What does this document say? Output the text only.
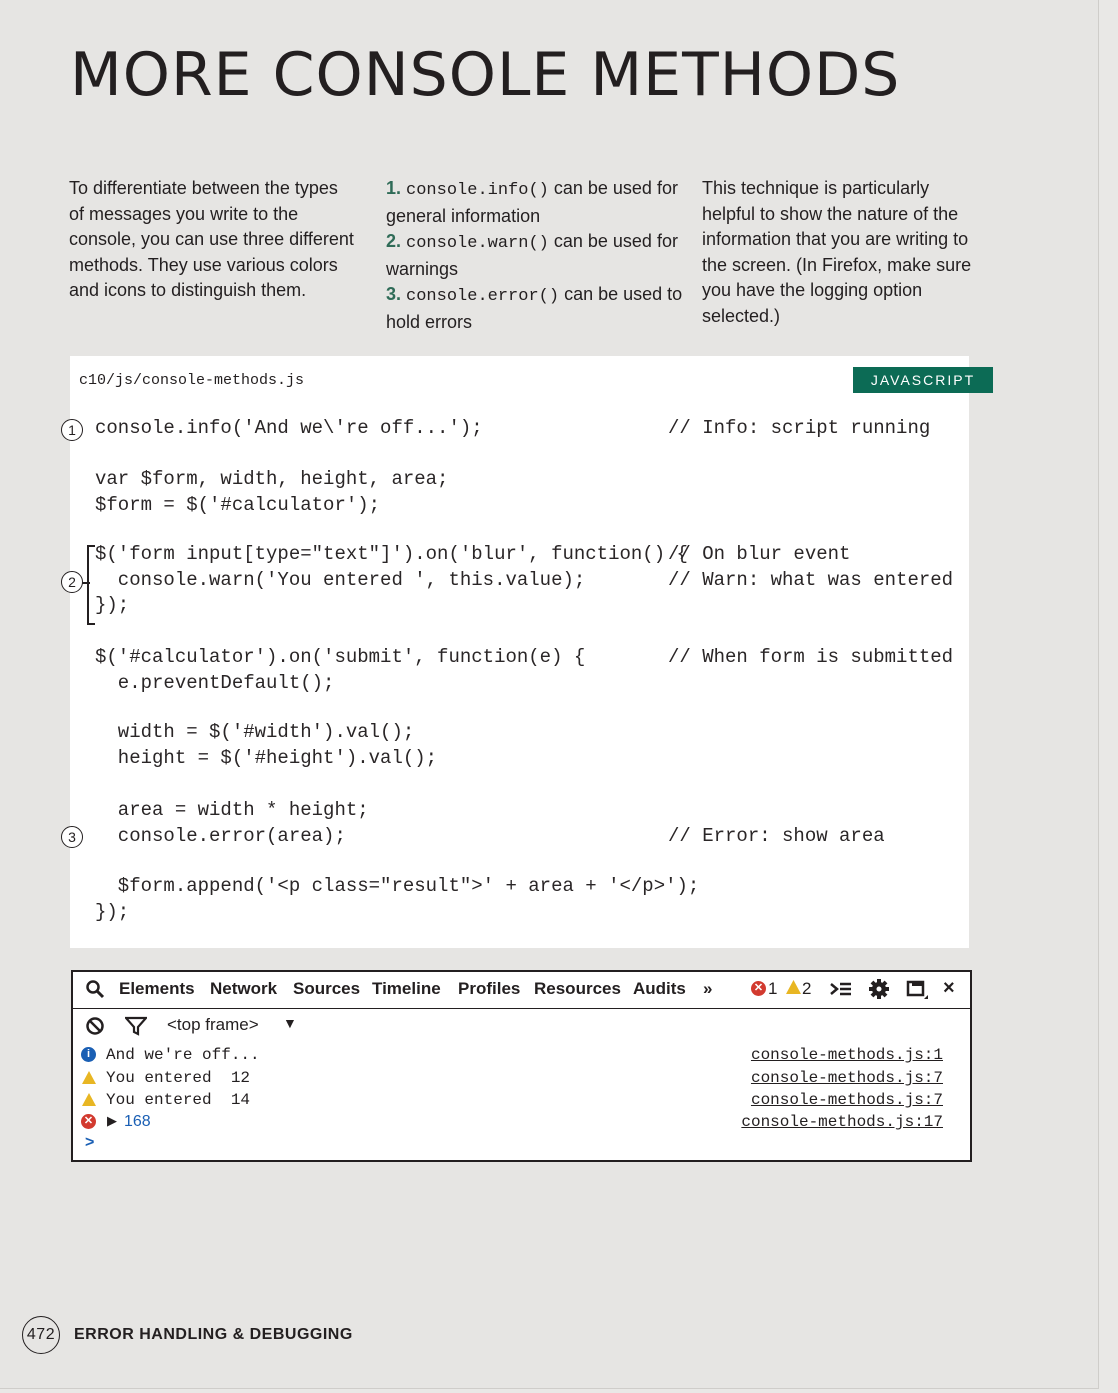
MORE CONSOLE METHODS

To differentiate between the types of messages you write to the console, you can use three different methods. They use various colors and icons to distinguish them.

1. console.info() can be used for general information

2. console.warn() can be used for warnings

3. console.error() can be used to hold errors

This technique is particularly helpful to show the nature of the information that you are writing to the screen. (In Firefox, make sure you have the logging option selected.)

c10/js/console-methods.js	JAVASCRIPT
1
2
3
console.info('And we\'re off...');
var $form, width, height, area;
$form = $('#calculator');
$('form input[type="text"]').on('blur', function() {
console.warn('You entered ', this.value);
});
$('#calculator').on('submit', function(e) {
e.preventDefault();
width = $('#width').val();
height = $('#height').val();
area = width * height;
console.error(area);
$form.append('<p class="result">' + area + '</p>');
});
// Info: script running
// On blur event
// Warn: what was entered
// When form is submitted
// Error: show area
Elements Network Sources Timeline Profiles Resources Audits »	✕ 1 2	×
<top frame> ▼
i And we're off...	console-methods.js:1
You entered  12	console-methods.js:7
You entered  14	console-methods.js:7
✕ ▶ 168	console-methods.js:17
>
472	ERROR HANDLING & DEBUGGING
